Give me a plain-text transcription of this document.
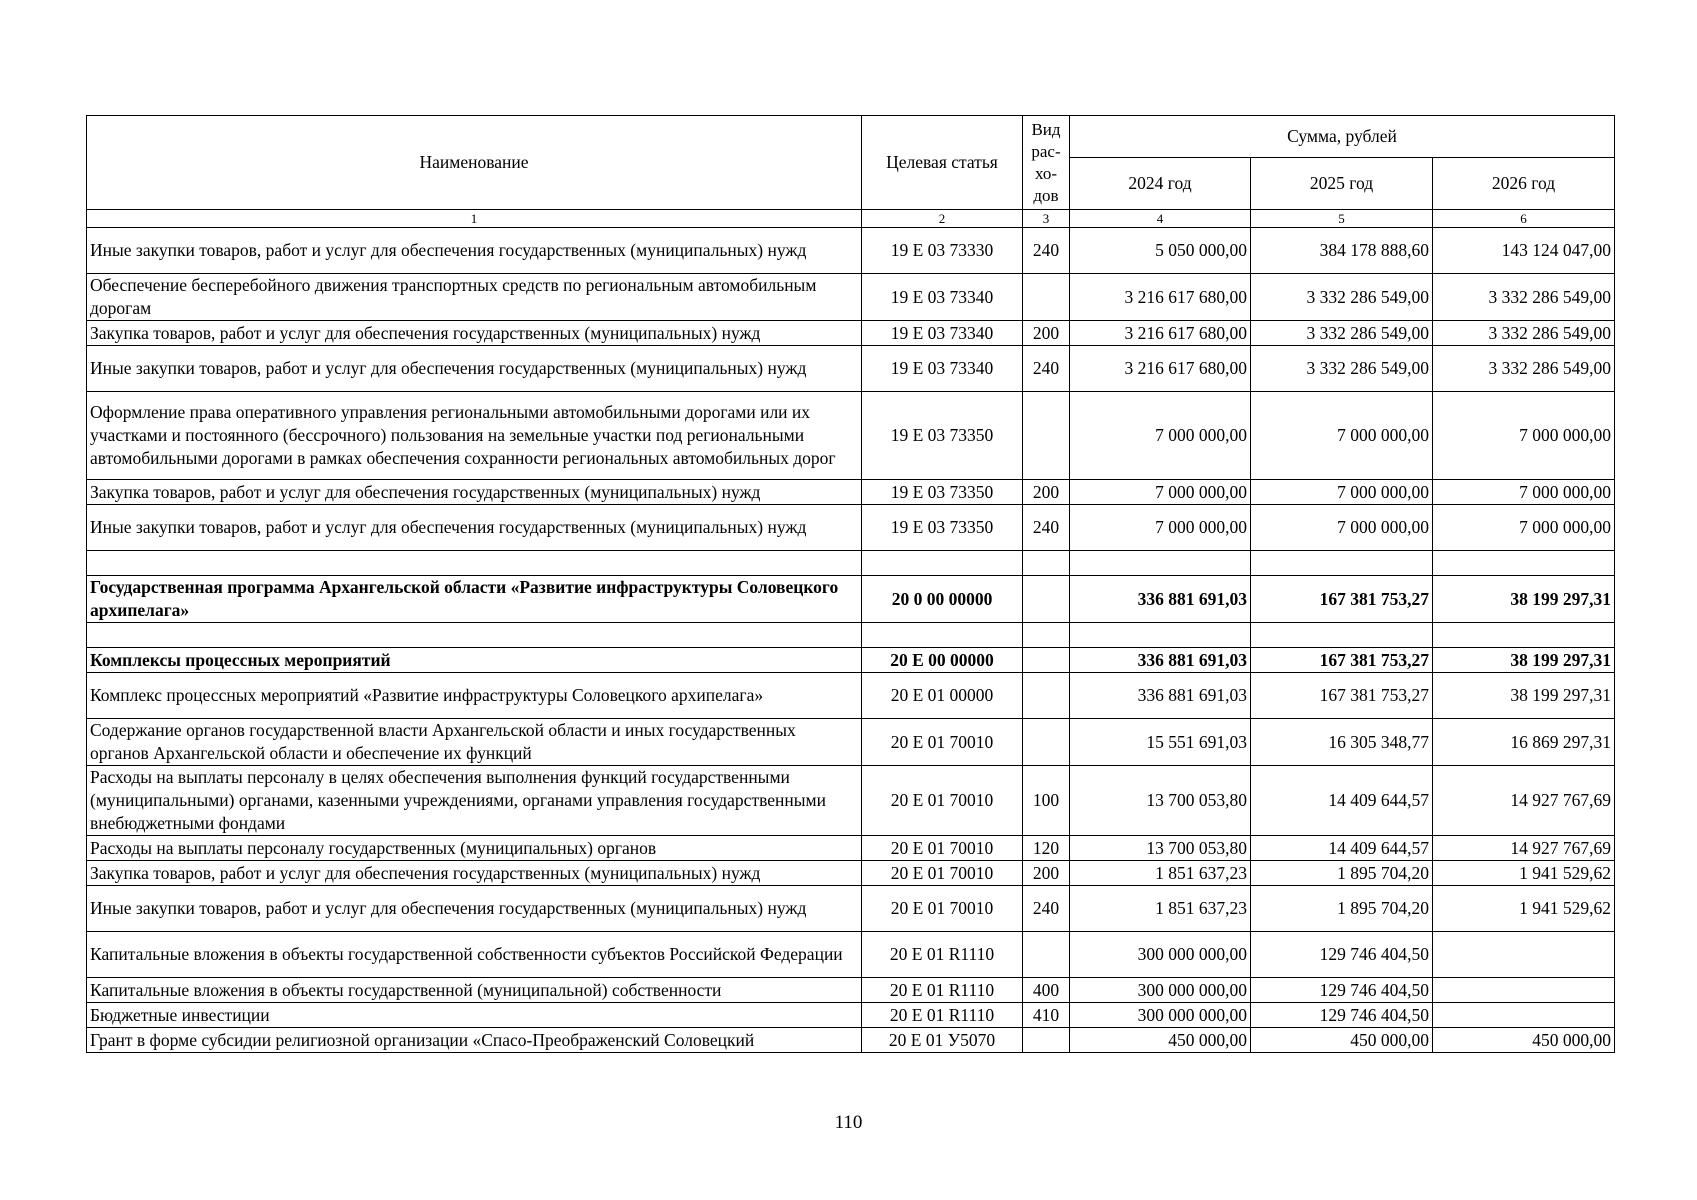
Наименование	Целевая статья	Вид рас- хо- дов	Сумма, рублей		
			2024 год	2025 год	2026 год
1	2	3	4	5	6
Иные закупки товаров, работ и услуг для обеспечения государственных (муниципальных) нужд	19 Е 03 73330	240	5 050 000,00	384 178 888,60	143 124 047,00
Обеспечение бесперебойного движения транспортных средств по региональным автомобильным дорогам	19 Е 03 73340		3 216 617 680,00	3 332 286 549,00	3 332 286 549,00
Закупка товаров, работ и услуг для обеспечения государственных (муниципальных) нужд	19 Е 03 73340	200	3 216 617 680,00	3 332 286 549,00	3 332 286 549,00
Иные закупки товаров, работ и услуг для обеспечения государственных (муниципальных) нужд	19 Е 03 73340	240	3 216 617 680,00	3 332 286 549,00	3 332 286 549,00
Оформление права оперативного управления региональными автомобильными дорогами или их участками и постоянного (бессрочного) пользования на земельные участки под региональными автомобильными дорогами в рамках обеспечения сохранности региональных автомобильных дорог	19 Е 03 73350		7 000 000,00	7 000 000,00	7 000 000,00
Закупка товаров, работ и услуг для обеспечения государственных (муниципальных) нужд	19 Е 03 73350	200	7 000 000,00	7 000 000,00	7 000 000,00
Иные закупки товаров, работ и услуг для обеспечения государственных (муниципальных) нужд	19 Е 03 73350	240	7 000 000,00	7 000 000,00	7 000 000,00

Государственная программа Архангельской области «Развитие инфраструктуры Соловецкого архипелага»	20 0 00 00000		336 881 691,03	167 381 753,27	38 199 297,31

Комплексы процессных мероприятий	20 Е 00 00000		336 881 691,03	167 381 753,27	38 199 297,31
Комплекс процессных мероприятий «Развитие инфраструктуры Соловецкого архипелага»	20 Е 01 00000		336 881 691,03	167 381 753,27	38 199 297,31
Содержание органов государственной власти Архангельской области и иных государственных органов Архангельской области и обеспечение их функций	20 Е 01 70010		15 551 691,03	16 305 348,77	16 869 297,31
Расходы на выплаты персоналу в целях обеспечения выполнения функций государственными (муниципальными) органами, казенными учреждениями, органами управления государственными внебюджетными фондами	20 Е 01 70010	100	13 700 053,80	14 409 644,57	14 927 767,69
Расходы на выплаты персоналу государственных (муниципальных) органов	20 Е 01 70010	120	13 700 053,80	14 409 644,57	14 927 767,69
Закупка товаров, работ и услуг для обеспечения государственных (муниципальных) нужд	20 Е 01 70010	200	1 851 637,23	1 895 704,20	1 941 529,62
Иные закупки товаров, работ и услуг для обеспечения государственных (муниципальных) нужд	20 Е 01 70010	240	1 851 637,23	1 895 704,20	1 941 529,62
Капитальные вложения в объекты государственной собственности субъектов Российской Федерации	20 Е 01 R1110		300 000 000,00	129 746 404,50	
Капитальные вложения в объекты государственной (муниципальной) собственности	20 Е 01 R1110	400	300 000 000,00	129 746 404,50	
Бюджетные инвестиции	20 Е 01 R1110	410	300 000 000,00	129 746 404,50	
Грант в форме субсидии религиозной организации «Спасо-Преображенский Соловецкий	20 Е 01 У5070		450 000,00	450 000,00	450 000,00
110
